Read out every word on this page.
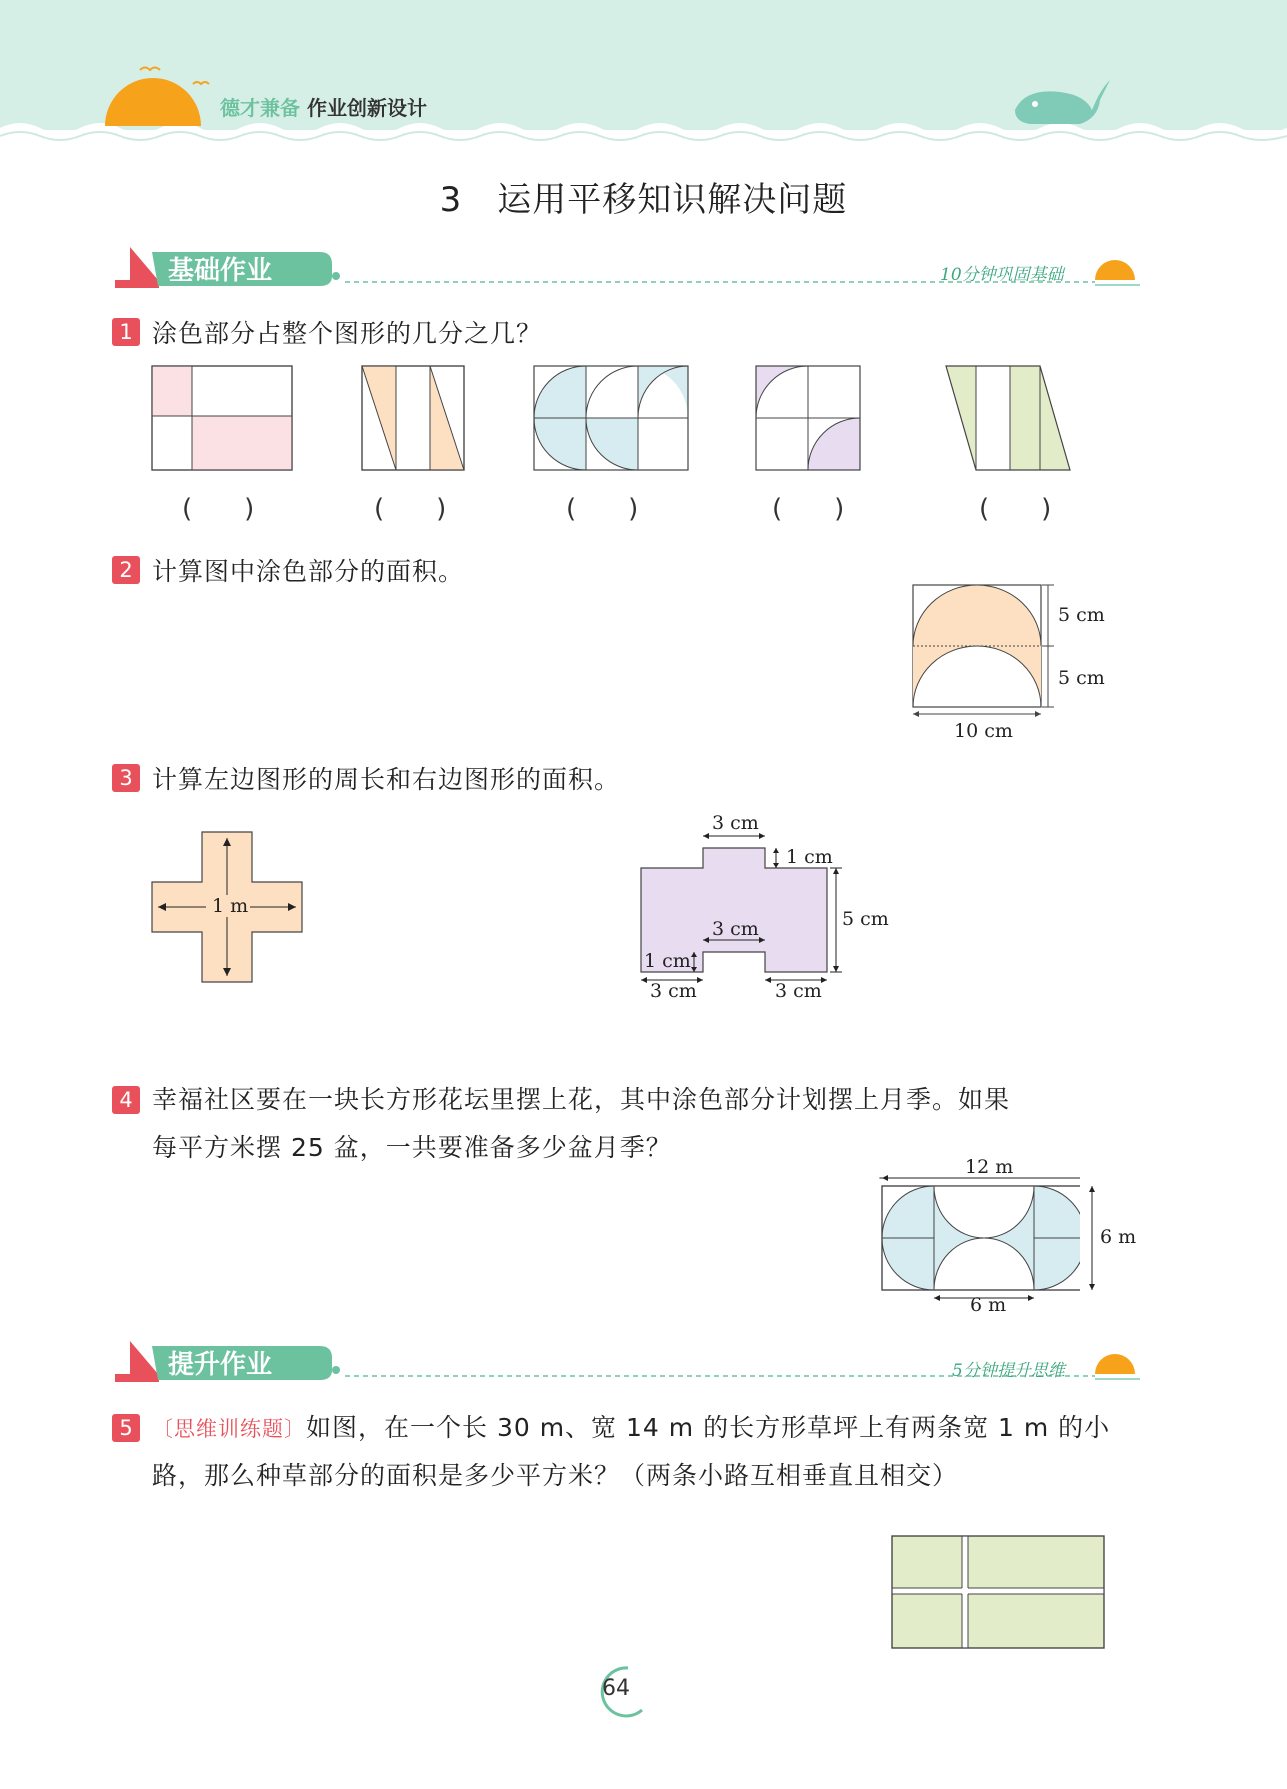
德才兼备 作业创新设计
3　运用平移知识解决问题
基础作业	10分钟巩固基础
1 涂色部分占整个图形的几分之几？
(　　)	(　　)	(　　)	(　　)	(　　)
2 计算图中涂色部分的面积。
5 cm
5 cm
10 cm
3 计算左边图形的周长和右边图形的面积。
1 m
3 cm
1 cm
5 cm
3 cm
1 cm
3 cm	3 cm
4 幸福社区要在一块长方形花坛里摆上花，其中涂色部分计划摆上月季。如果
每平方米摆 25 盆，一共要准备多少盆月季？
12 m
6 m
6 m
提升作业	5分钟提升思维
5 〔思维训练题〕如图，在一个长 30 m、宽 14 m 的长方形草坪上有两条宽 1 m 的小
路，那么种草部分的面积是多少平方米？（两条小路互相垂直且相交）
64
